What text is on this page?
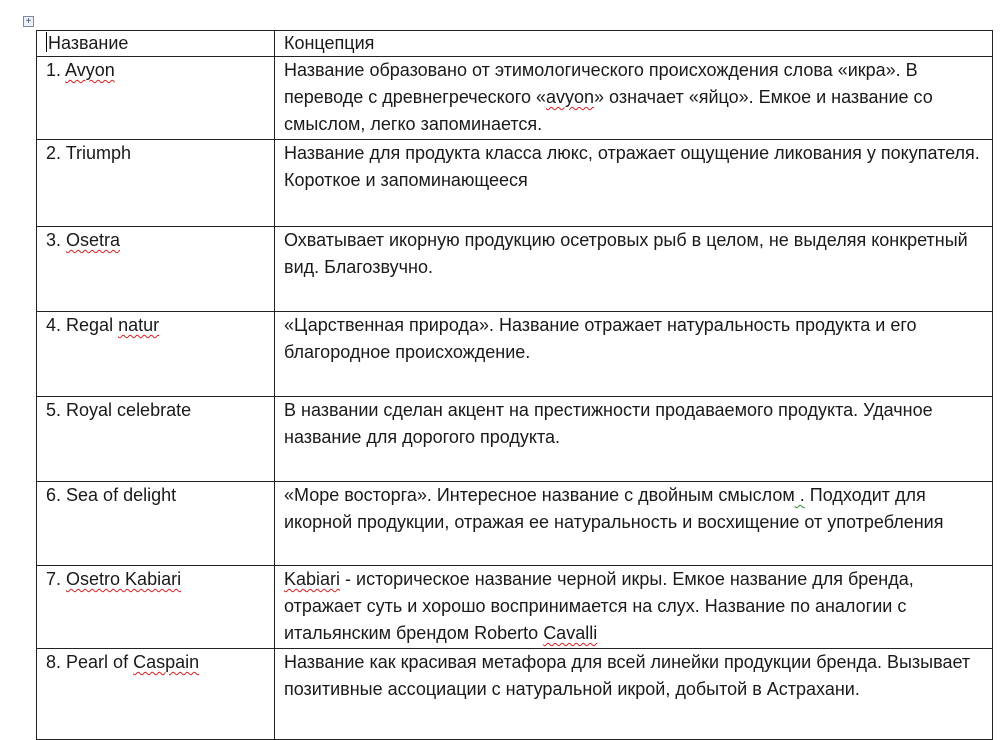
+
Название	Концепция
1. Avyon	Название образовано от этимологического происхождения слова «икра». В переводе с древнегреческого «avyon» означает «яйцо». Емкое и название со смыслом, легко запоминается.
2. Triumph	Название для продукта класса люкс, отражает ощущение ликования у покупателя. Короткое и запоминающееся
3. Osetra	Охватывает икорную продукцию осетровых рыб в целом, не выделяя конкретный вид. Благозвучно.
4. Regal natur	«Царственная природа». Название отражает натуральность продукта и его благородное происхождение.
5. Royal celebrate	В названии сделан акцент на престижности продаваемого продукта. Удачное название для дорогого продукта.
6. Sea of delight	«Море восторга». Интересное название с двойным смыслом . Подходит для икорной продукции, отражая ее натуральность и восхищение от употребления
7. Osetro Kabiari	Kabiari - историческое название черной икры. Емкое название для бренда, отражает суть и хорошо воспринимается на слух. Название по аналогии с итальянским брендом Roberto Cavalli
8. Pearl of Caspain	Название как красивая метафора для всей линейки продукции бренда. Вызывает позитивные ассоциации с натуральной икрой, добытой в Астрахани.
